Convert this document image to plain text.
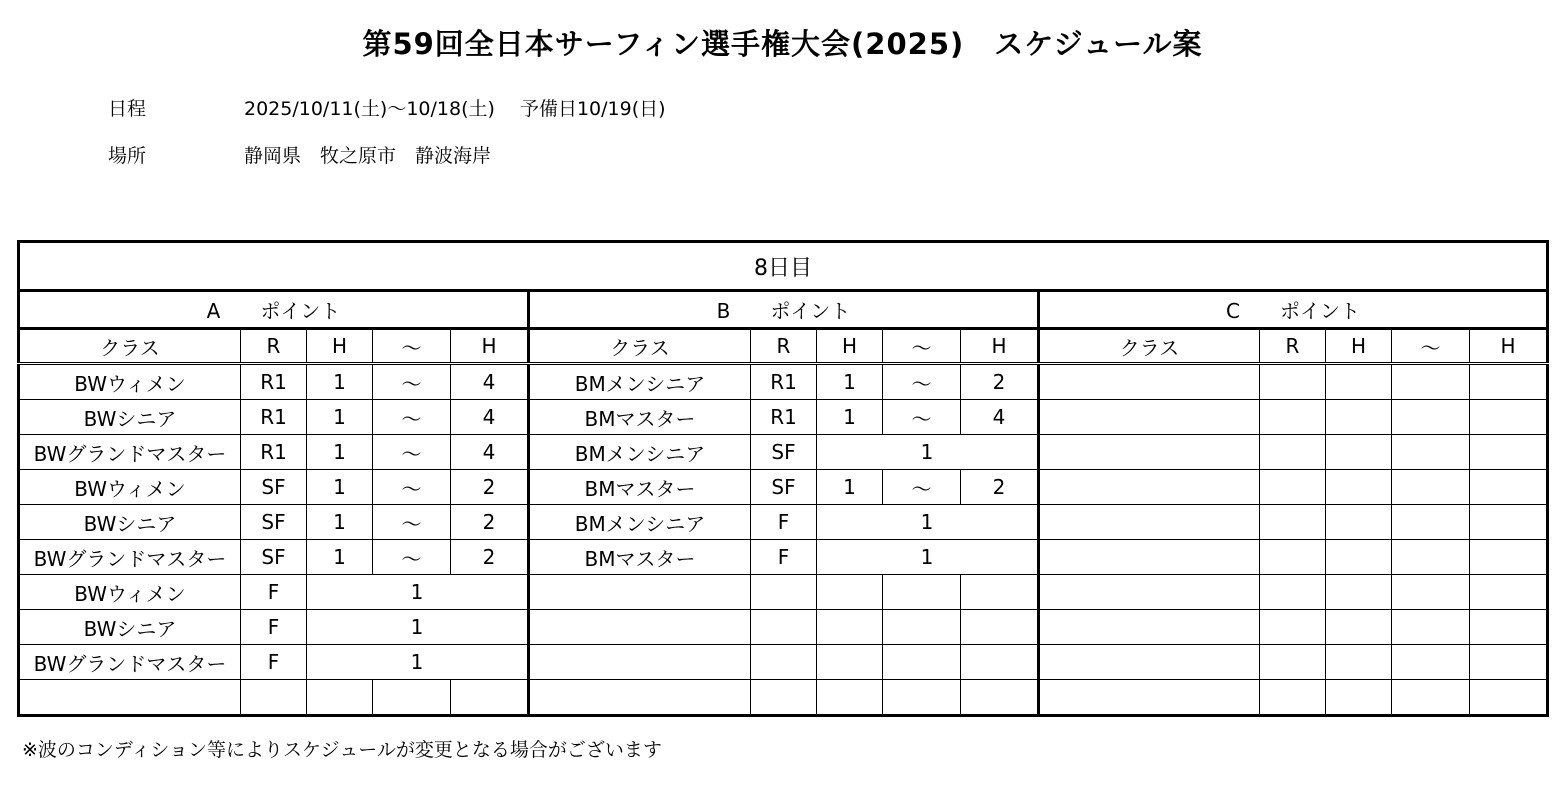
第59回全日本サーフィン選手権大会(2025)　スケジュール案
日程	2025/10/11(土)～10/18(土)　 予備日10/19(日)
場所	静岡県　牧之原市　静波海岸
8日目														
A　　ポイント					B　　ポイント					C　　ポイント				
クラス	R	H	～	H	クラス	R	H	～	H	クラス	R	H	～	H
BWウィメン	R1	1	～	4	BMメンシニア	R1	1	～	2					
BWシニア	R1	1	～	4	BMマスター	R1	1	～	4					
BWグランドマスター	R1	1	～	4	BMメンシニア	SF	1							
BWウィメン	SF	1	～	2	BMマスター	SF	1	～	2					
BWシニア	SF	1	～	2	BMメンシニア	F	1							
BWグランドマスター	SF	1	～	2	BMマスター	F	1							
BWウィメン	F	1												
BWシニア	F	1												
BWグランドマスター	F	1												

※波のコンディション等によりスケジュールが変更となる場合がございます
